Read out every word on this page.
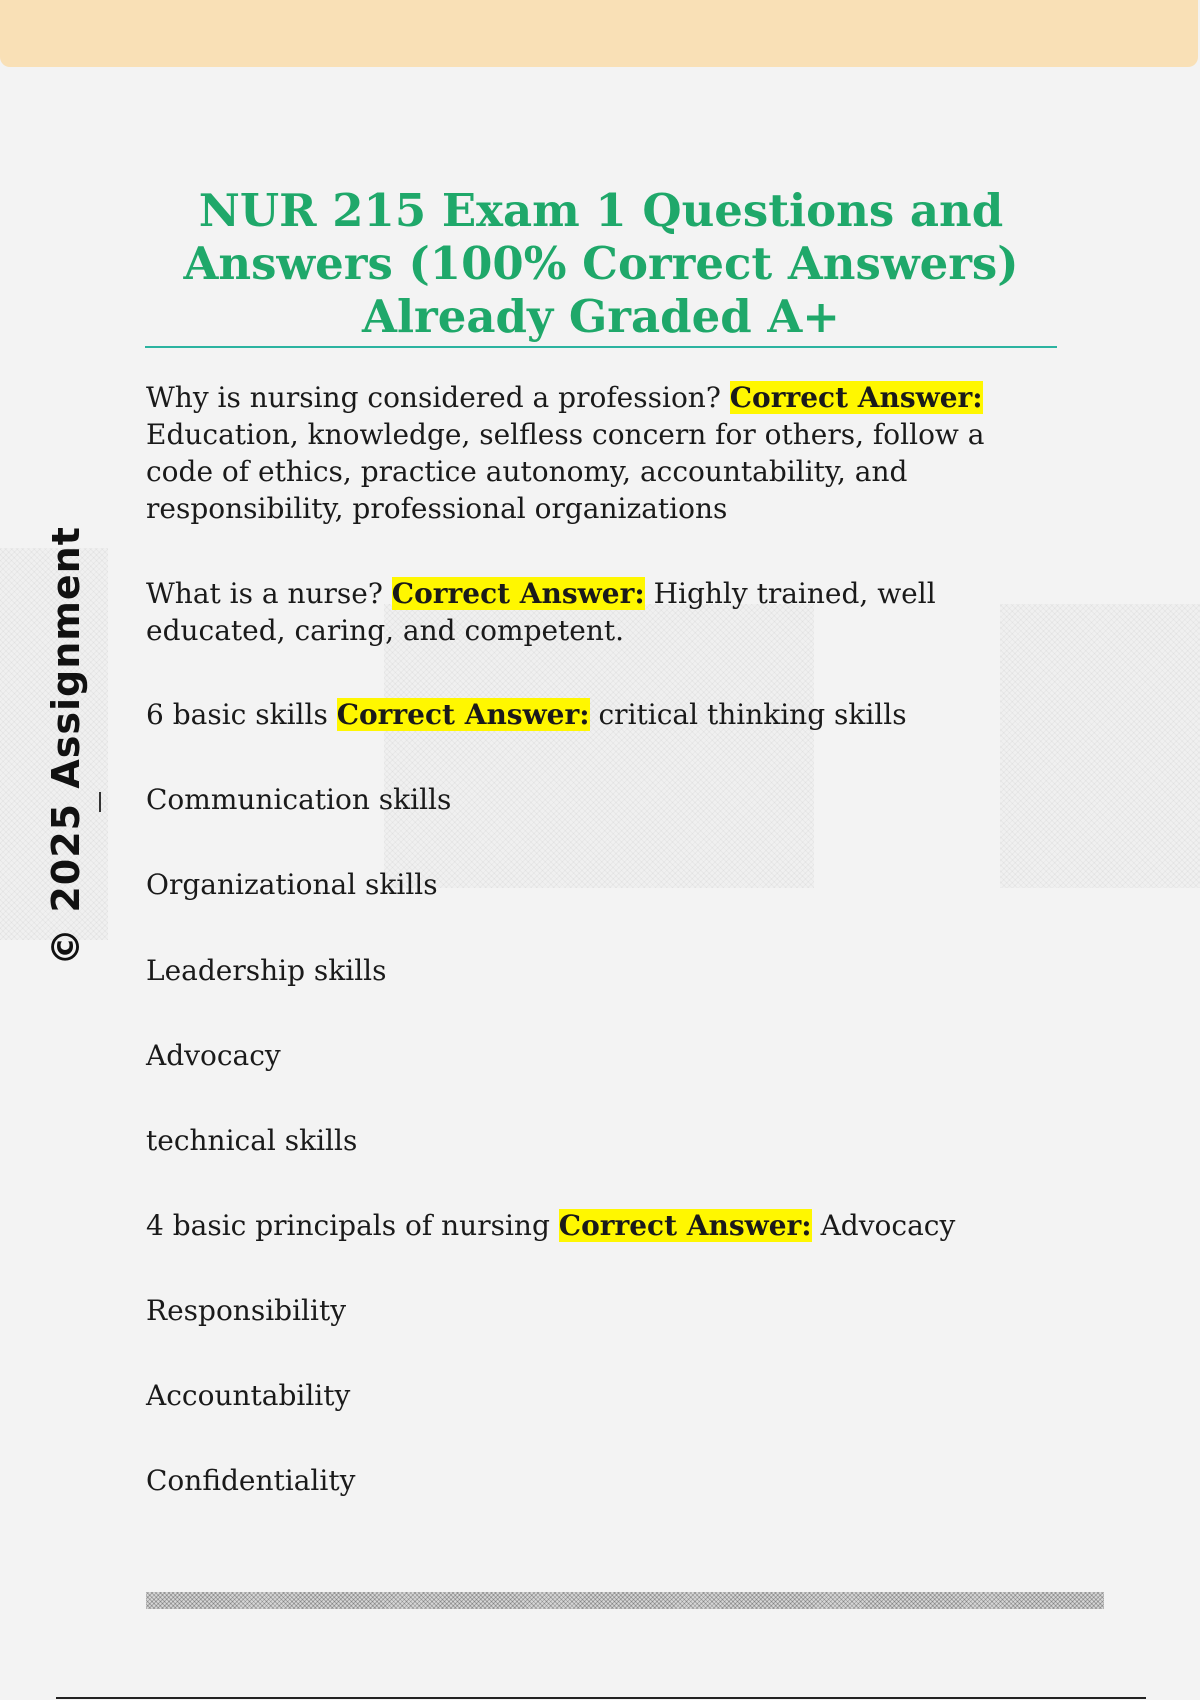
© 2025 Assignment
NUR 215 Exam 1 Questions and Answers (100% Correct Answers) Already Graded A+

Why is nursing considered a profession? Correct Answer: Education, knowledge, selfless concern for others, follow a code of ethics, practice autonomy, accountability, and responsibility, professional organizations

What is a nurse? Correct Answer: Highly trained, well educated, caring, and competent.

6 basic skills Correct Answer: critical thinking skills

Communication skills

Organizational skills

Leadership skills

Advocacy

technical skills

4 basic principals of nursing Correct Answer: Advocacy

Responsibility

Accountability

Confidentiality
